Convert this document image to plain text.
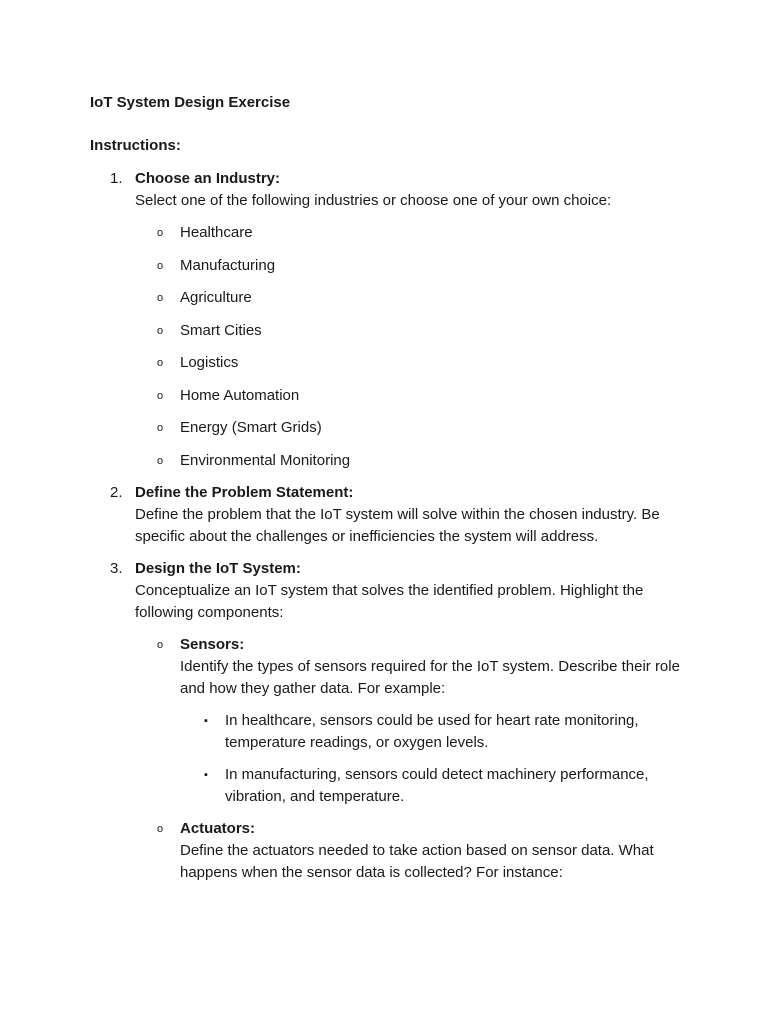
IoT System Design Exercise
Instructions:
1. Choose an Industry:
Select one of the following industries or choose one of your own choice:
o Healthcare
o Manufacturing
o Agriculture
o Smart Cities
o Logistics
o Home Automation
o Energy (Smart Grids)
o Environmental Monitoring
2. Define the Problem Statement:
Define the problem that the IoT system will solve within the chosen industry. Be specific about the challenges or inefficiencies the system will address.
3. Design the IoT System:
Conceptualize an IoT system that solves the identified problem. Highlight the following components:
o Sensors:
Identify the types of sensors required for the IoT system. Describe their role and how they gather data. For example:
▪ In healthcare, sensors could be used for heart rate monitoring, temperature readings, or oxygen levels.
▪ In manufacturing, sensors could detect machinery performance, vibration, and temperature.
o Actuators:
Define the actuators needed to take action based on sensor data. What happens when the sensor data is collected? For instance:
